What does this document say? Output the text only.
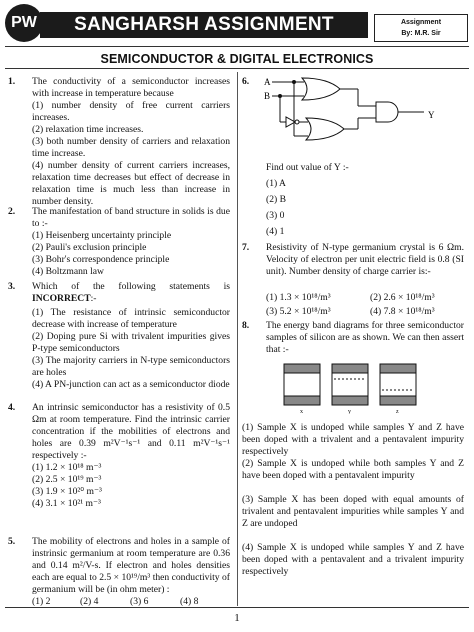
PW	SANGHARSH ASSIGNMENT	Assignment
By: M.R. Sir
SEMICONDUCTOR & DIGITAL ELECTRONICS
1. The conductivity of a semiconductor increases with increase in temperature because
(1) number density of free current carriers increases.
(2) relaxation time increases.
(3) both number density of carriers and relaxation time increase.
(4) number density of current carriers increases, relaxation time decreases but effect of decrease in relaxation time is much less than increase in number density.
2. The manifestation of band structure in solids is due to :-
(1) Heisenberg uncertainty principle
(2) Pauli's exclusion principle
(3) Bohr's correspondence principle
(4) Boltzmann law
3. Which of the following statements is INCORRECT:-
(1) The resistance of intrinsic semiconductor decrease with increase of temperature
(2) Doping pure Si with trivalent impurities gives P-type semiconductors
(3) The majority carriers in N-type semiconductors are holes
(4) A PN-junction can act as a semiconductor diode
4. An intrinsic semiconductor has a resistivity of 0.5 Ωm at room temperature. Find the intrinsic carrier concentration if the mobilities of electrons and holes are 0.39 m²V⁻¹s⁻¹ and 0.11 m²V⁻¹s⁻¹ respectively :-
(1) 1.2 × 10¹⁸ m⁻³
(2) 2.5 × 10¹⁹ m⁻³
(3) 1.9 × 10²⁰ m⁻³
(4) 3.1 × 10²¹ m⁻³
5. The mobility of electrons and holes in a sample of instrinsic germanium at room temperature are 0.36 and 0.14 m²/V-s. If electron and holes densities each are equal to 2.5 × 10¹⁹/m³ then conductivity of germanium will be (in ohm meter) :
(1) 2	(2) 4	(3) 6	(4) 8
6. A
B
Y
Find out value of Y :-
(1) A
(2) B
(3) 0
(4) 1
7. Resistivity of N-type germanium crystal is 6 Ωm. Velocity of electron per unit electric field is 0.8 (SI unit). Number density of charge carrier is:-
(1) 1.3 × 10¹⁸/m³	(2) 2.6 × 10¹⁸/m³
(3) 5.2 × 10¹⁸/m³	(4) 7.8 × 10¹⁸/m³
8. The energy band diagrams for three semiconductor samples of silicon are as shown. We can then assert that :-
x	y	z
(1) Sample X is undoped while samples Y and Z have been doped with a trivalent and a pentavalent impurity respectively
(2) Sample X is undoped while both samples Y and Z have been doped with a pentavalent impurity
(3) Sample X has been doped with equal amounts of trivalent and pentavalent impurities while samples Y and Z are undoped
(4) Sample X is undoped while samples Y and Z have been doped with a pentavalent and a trivalent impurity respectively
1
